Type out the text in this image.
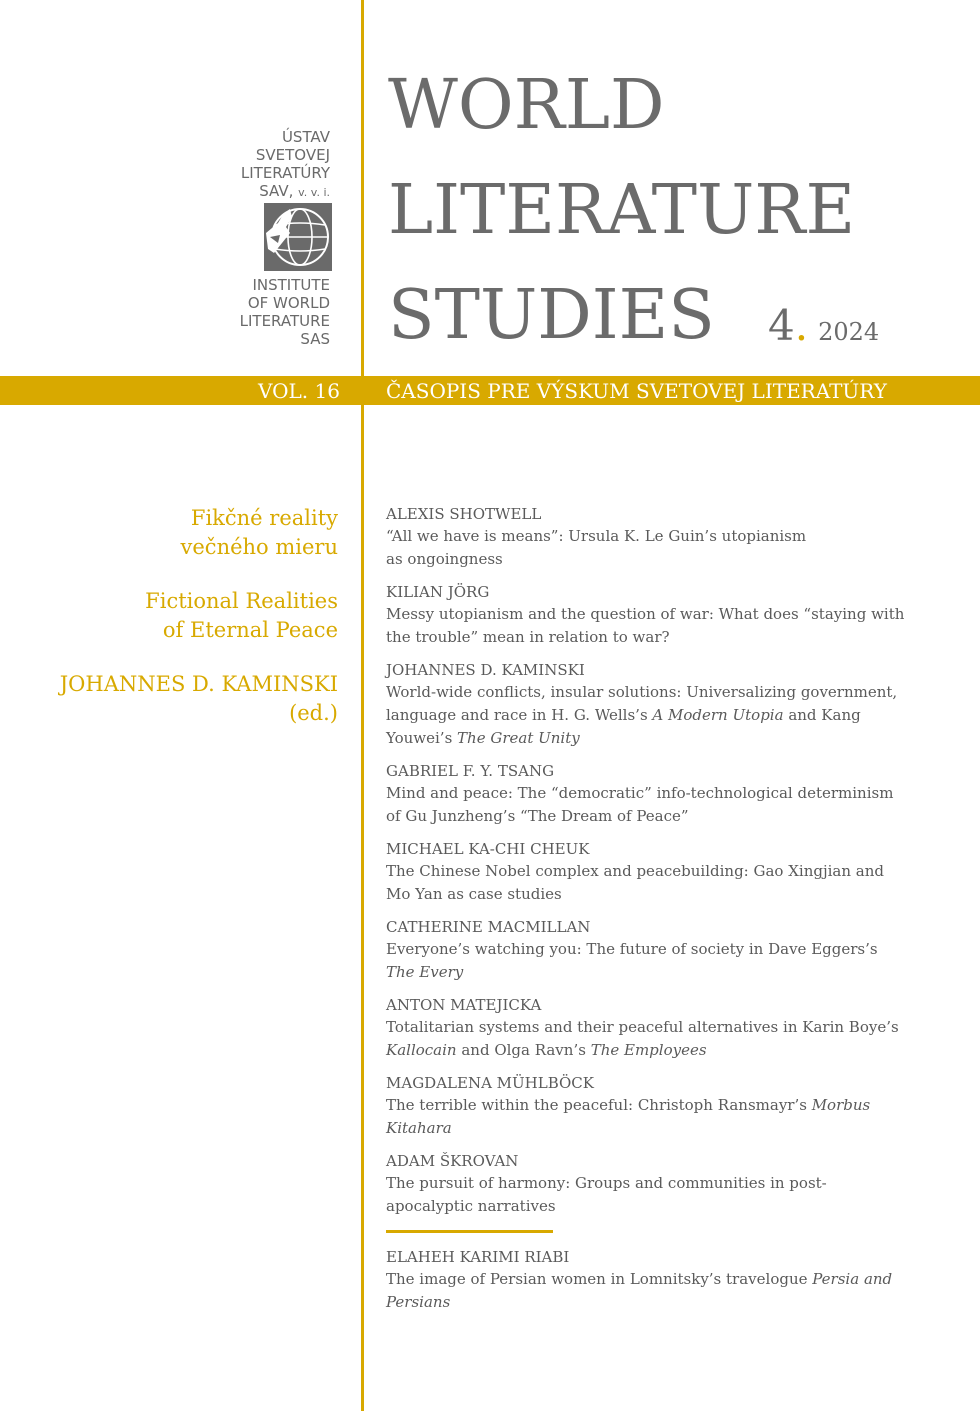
ÚSTAV
SVETOVEJ
LITERATÚRY
SAV, v. v. i.
INSTITUTE
OF WORLD
LITERATURE
SAS
WORLD
LITERATURE
STUDIES 4. 2024
VOL. 16 ČASOPIS PRE VÝSKUM SVETOVEJ LITERATÚRY
Fikčné reality
večného mieru
Fictional Realities
of Eternal Peace
JOHANNES D. KAMINSKI
(ed.)
ALEXIS SHOTWELL
“All we have is means”: Ursula K. Le Guin’s utopianism
as ongoingness
KILIAN JÖRG
Messy utopianism and the question of war: What does “staying with
the trouble” mean in relation to war?
JOHANNES D. KAMINSKI
World-wide conflicts, insular solutions: Universalizing government,
language and race in H. G. Wells’s A Modern Utopia and Kang
Youwei’s The Great Unity
GABRIEL F. Y. TSANG
Mind and peace: The “democratic” info-technological determinism
of Gu Junzheng’s “The Dream of Peace”
MICHAEL KA-CHI CHEUK
The Chinese Nobel complex and peacebuilding: Gao Xingjian and
Mo Yan as case studies
CATHERINE MACMILLAN
Everyone’s watching you: The future of society in Dave Eggers’s
The Every
ANTON MATEJICKA
Totalitarian systems and their peaceful alternatives in Karin Boye’s
Kallocain and Olga Ravn’s The Employees
MAGDALENA MÜHLBÖCK
The terrible within the peaceful: Christoph Ransmayr’s Morbus
Kitahara
ADAM ŠKROVAN
The pursuit of harmony: Groups and communities in post-
apocalyptic narratives
ELAHEH KARIMI RIABI
The image of Persian women in Lomnitsky’s travelogue Persia and
Persians
